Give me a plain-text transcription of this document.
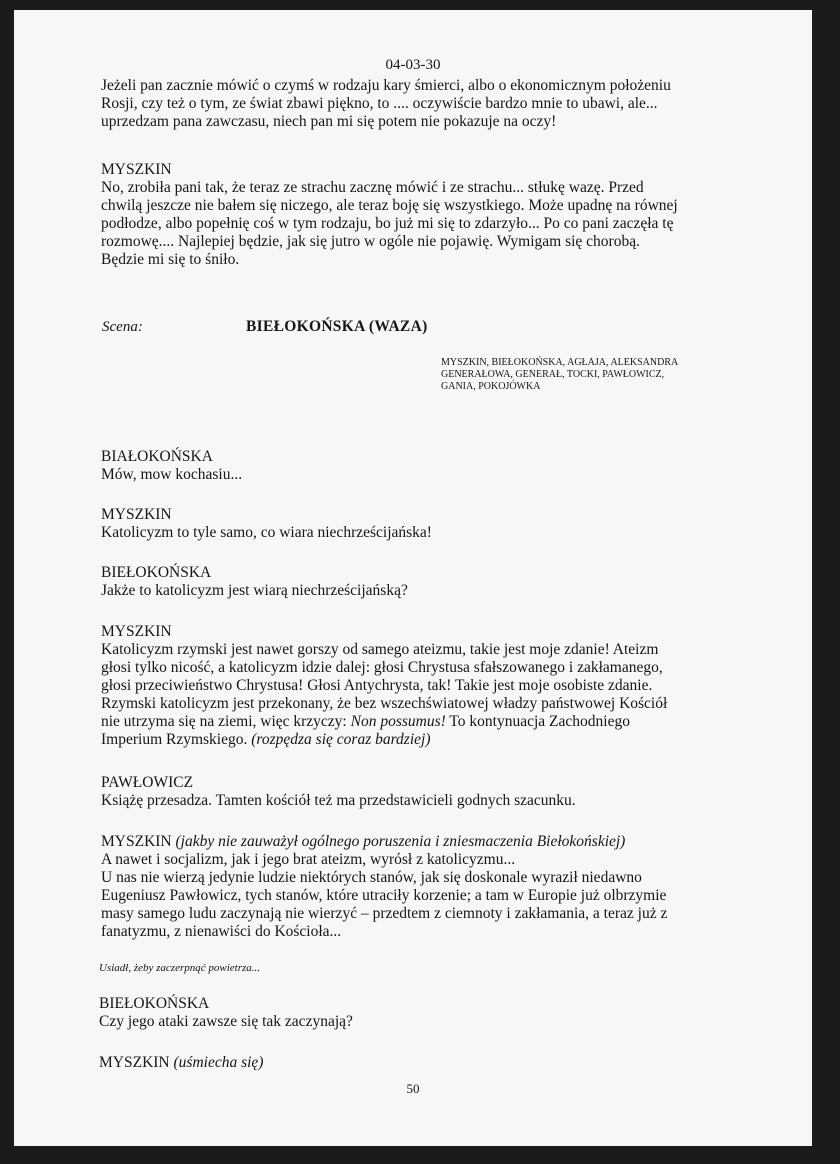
04-03-30
Jeżeli pan zacznie mówić o czymś w rodzaju kary śmierci, albo o ekonomicznym położeniu
Rosji, czy też o tym, ze świat zbawi piękno, to .... oczywiście bardzo mnie to ubawi, ale...
uprzedzam pana zawczasu, niech pan mi się potem nie pokazuje na oczy!
MYSZKIN
No, zrobiła pani tak, że teraz ze strachu zacznę mówić i ze strachu... stłukę wazę. Przed
chwilą jeszcze nie bałem się niczego, ale teraz boję się wszystkiego. Może upadnę na równej
podłodze, albo popełnię coś w tym rodzaju, bo już mi się to zdarzyło... Po co pani zaczęła tę
rozmowę.... Najlepiej będzie, jak się jutro w ogóle nie pojawię. Wymigam się chorobą.
Będzie mi się to śniło.
Scena:	BIEŁOKOŃSKA (WAZA)
MYSZKIN, BIEŁOKOŃSKA, AGŁAJA, ALEKSANDRA
GENERAŁOWA, GENERAŁ, TOCKI, PAWŁOWICZ,
GANIA, POKOJÓWKA
BIAŁOKOŃSKA
Mów, mow kochasiu...
MYSZKIN
Katolicyzm to tyle samo, co wiara niechrześcijańska!
BIEŁOKOŃSKA
Jakże to katolicyzm jest wiarą niechrześcijańską?
MYSZKIN
Katolicyzm rzymski jest nawet gorszy od samego ateizmu, takie jest moje zdanie! Ateizm
głosi tylko nicość, a katolicyzm idzie dalej: głosi Chrystusa sfałszowanego i zakłamanego,
głosi przeciwieństwo Chrystusa! Głosi Antychrysta, tak! Takie jest moje osobiste zdanie.
Rzymski katolicyzm jest przekonany, że bez wszechświatowej władzy państwowej Kościół
nie utrzyma się na ziemi, więc krzyczy: Non possumus! To kontynuacja Zachodniego
Imperium Rzymskiego. (rozpędza się coraz bardziej)
PAWŁOWICZ
Książę przesadza. Tamten kościół też ma przedstawicieli godnych szacunku.
MYSZKIN (jakby nie zauważył ogólnego poruszenia i zniesmaczenia Biełokońskiej)
A nawet i socjalizm, jak i jego brat ateizm, wyrósł z katolicyzmu...
U nas nie wierzą jedynie ludzie niektórych stanów, jak się doskonale wyraził niedawno
Eugeniusz Pawłowicz, tych stanów, które utraciły korzenie; a tam w Europie już olbrzymie
masy samego ludu zaczynają nie wierzyć – przedtem z ciemnoty i zakłamania, a teraz już z
fanatyzmu, z nienawiści do Kościoła...
Usiadł, żeby zaczerpnąć powietrza...
BIEŁOKOŃSKA
Czy jego ataki zawsze się tak zaczynają?
MYSZKIN (uśmiecha się)
50
